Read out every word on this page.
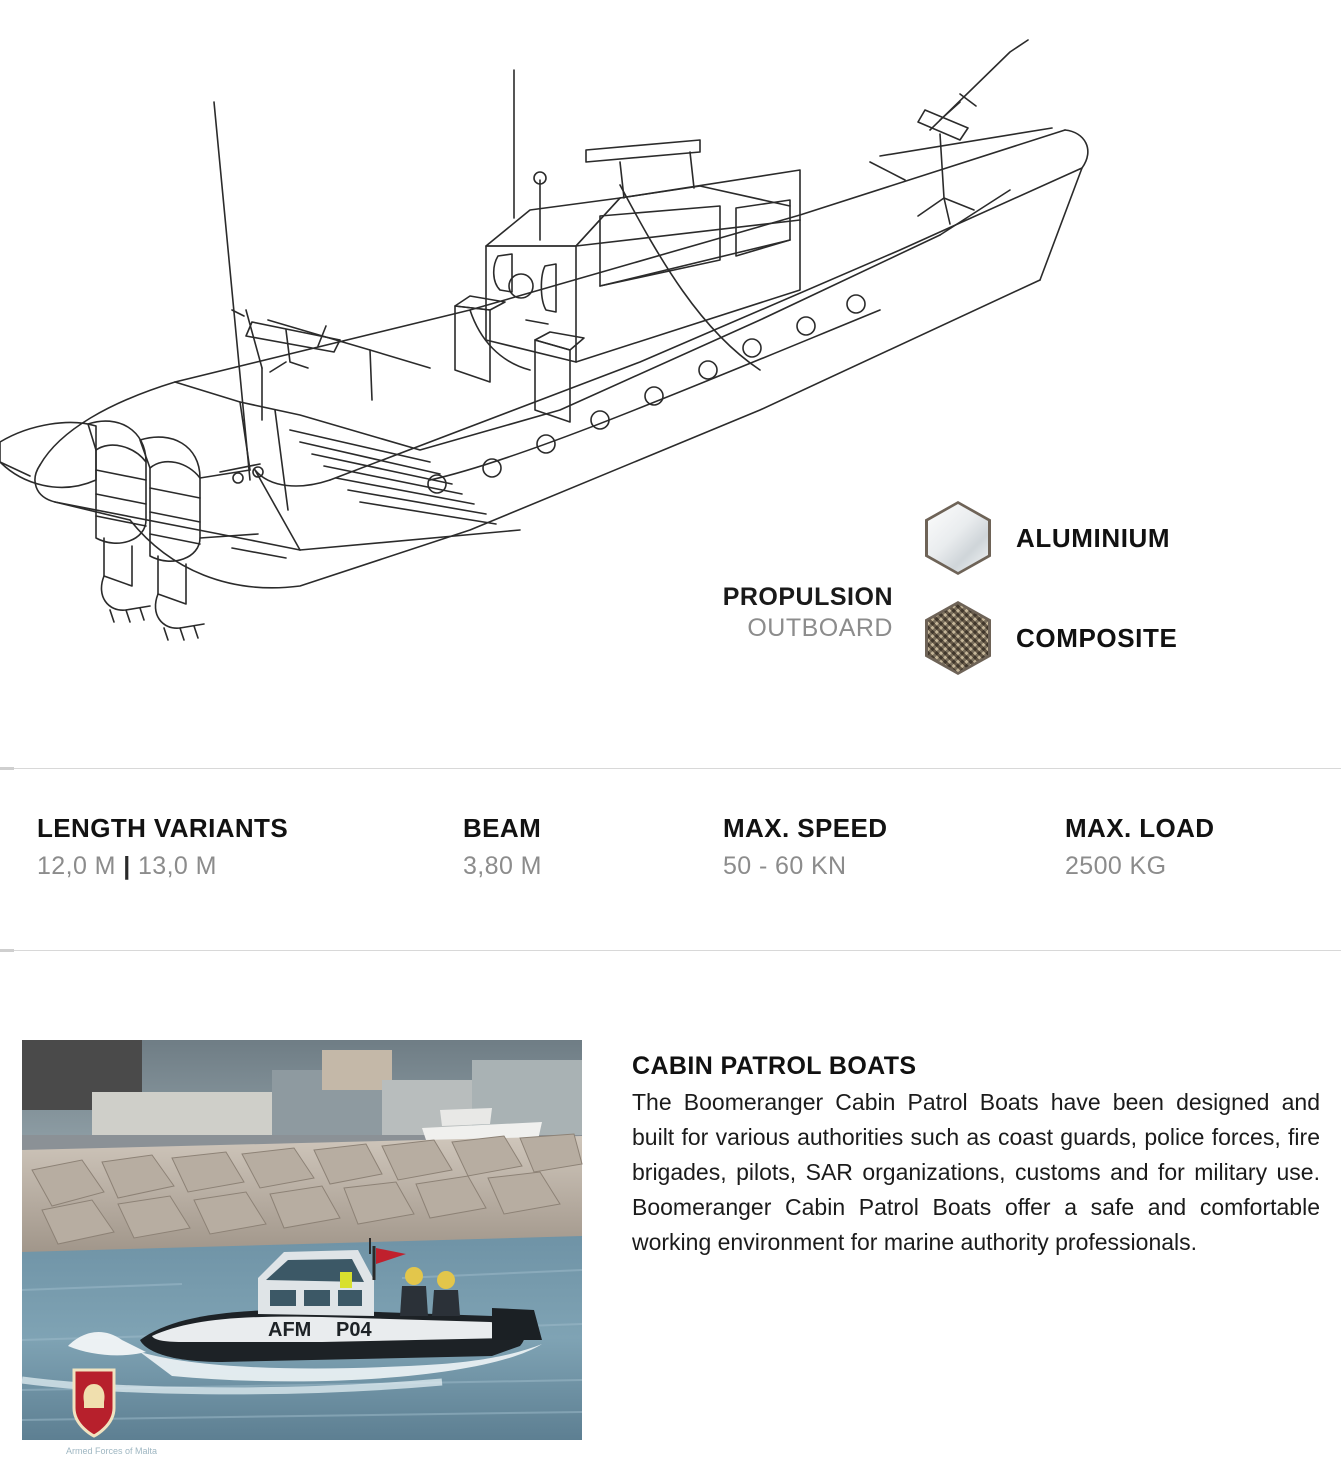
PROPULSION
OUTBOARD
ALUMINIUM
COMPOSITE
LENGTH VARIANTS
12,0 M | 13,0 M
BEAM
3,80 M
MAX. SPEED
50 - 60 KN
MAX. LOAD
2500 KG
AFM P04
Armed Forces of Malta
CABIN PATROL BOATS

The Boomeranger Cabin Patrol Boats have been designed and built for various authorities such as coast guards, police forces, fire brigades, pilots, SAR organizations, customs and for military use. Boomeranger Cabin Patrol Boats offer a safe and comfortable working environment for marine authority professionals.
